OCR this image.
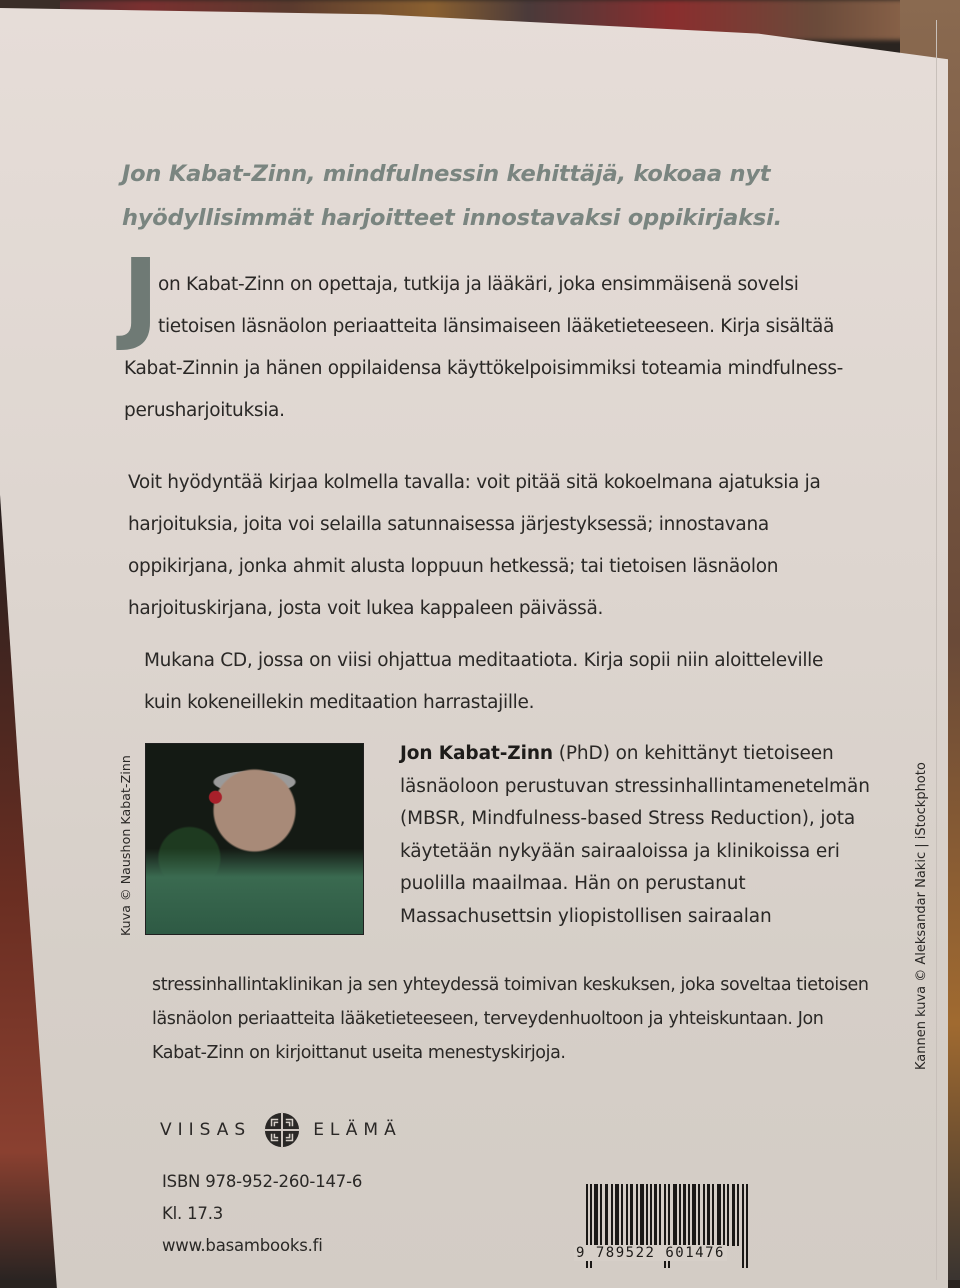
Jon Kabat-Zinn, mindfulnessin kehittäjä, kokoaa nyt hyödyllisimmät harjoitteet innostavaksi oppikirjaksi.
J on Kabat-Zinn on opettaja, tutkija ja lääkäri, joka ensimmäisenä sovelsi tietoisen läsnäolon periaatteita länsimaiseen lääketieteeseen. Kirja sisältää Kabat-Zinnin ja hänen oppilaidensa käyttökelpoisimmiksi toteamia mindfulness-perusharjoituksia.
Voit hyödyntää kirjaa kolmella tavalla: voit pitää sitä kokoelmana ajatuksia ja harjoituksia, joita voi selailla satunnaisessa järjestyksessä; innostavana oppikirjana, jonka ahmit alusta loppuun hetkessä; tai tietoisen läsnäolon harjoituskirjana, josta voit lukea kappaleen päivässä.
Mukana CD, jossa on viisi ohjattua meditaatiota. Kirja sopii niin aloitteleville kuin kokeneillekin meditaation harrastajille.
Kuva © Naushon Kabat-Zinn
Jon Kabat-Zinn (PhD) on kehittänyt tietoiseen läsnäoloon perustuvan stressinhallintamenetelmän (MBSR, Mindfulness-based Stress Reduction), jota käytetään nykyään sairaaloissa ja klinikoissa eri puolilla maailmaa. Hän on perustanut Massachusettsin yliopistollisen sairaalan
stressinhallintaklinikan ja sen yhteydessä toimivan keskuksen, joka soveltaa tietoisen läsnäolon periaatteita lääketieteeseen, terveydenhuoltoon ja yhteiskuntaan. Jon Kabat-Zinn on kirjoittanut useita menestyskirjoja.	Kannen kuva © Aleksandar Nakic | iStockphoto
VIISAS	ELÄMÄ
ISBN 978-952-260-147-6
Kl. 17.3
www.basambooks.fi	9 789522 601476
